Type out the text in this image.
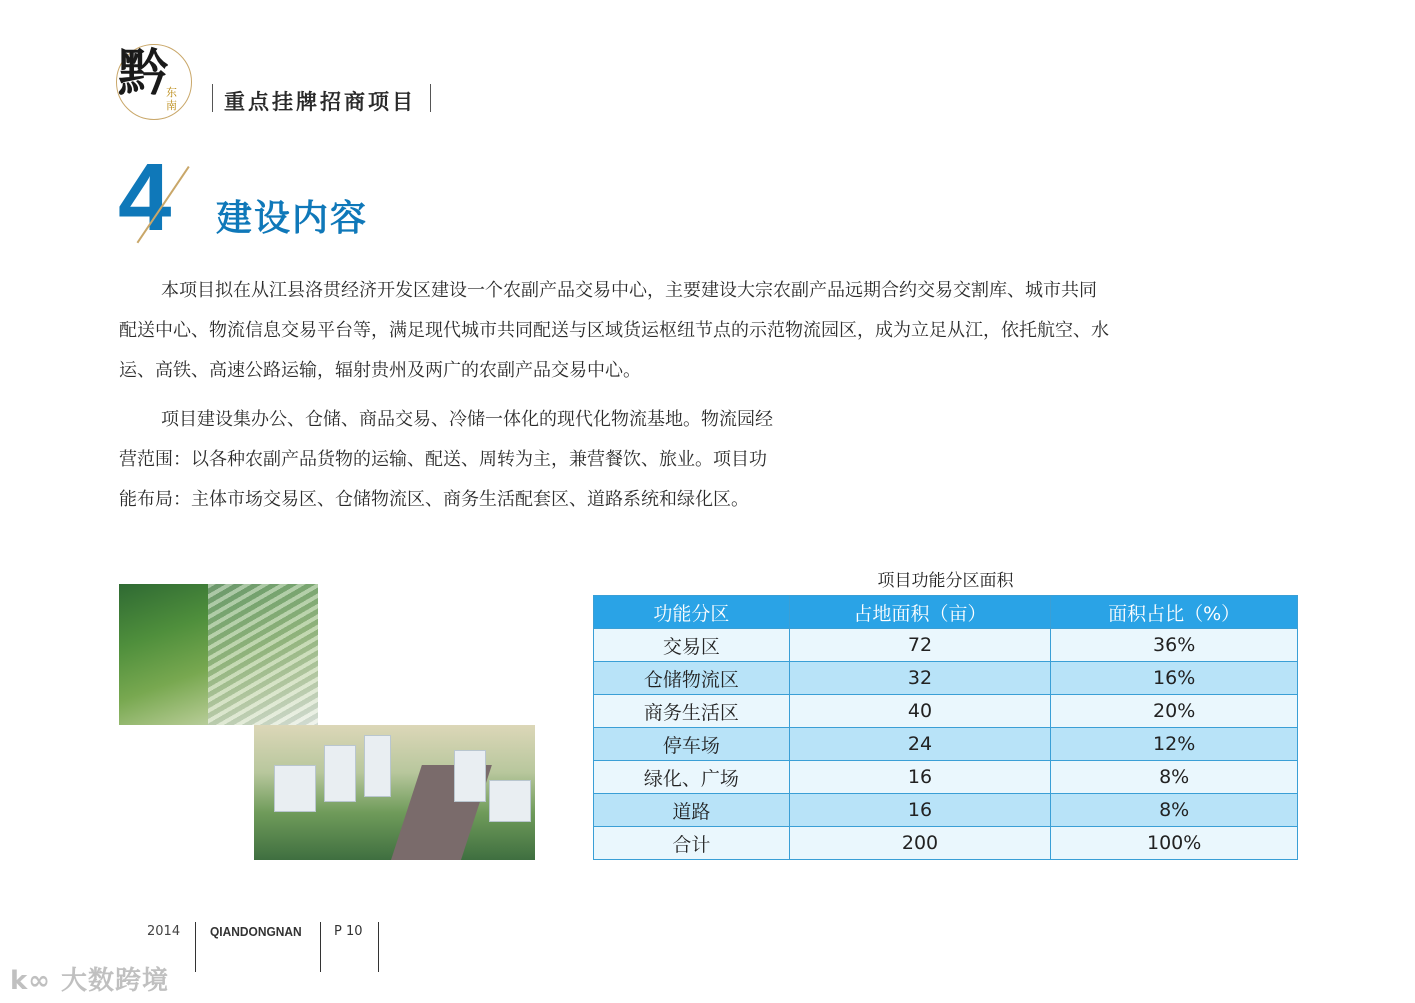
黔
东南 重点挂牌招商项目
4 建设内容
本项目拟在从江县洛贯经济开发区建设一个农副产品交易中心，主要建设大宗农副产品远期合约交易交割库、城市共同配送中心、物流信息交易平台等，满足现代城市共同配送与区域货运枢纽节点的示范物流园区，成为立足从江，依托航空、水运、高铁、高速公路运输，辐射贵州及两广的农副产品交易中心。
项目建设集办公、仓储、商品交易、冷储一体化的现代化物流基地。物流园经
营范围：以各种农副产品货物的运输、配送、周转为主，兼营餐饮、旅业。项目功
能布局：主体市场交易区、仓储物流区、商务生活配套区、道路系统和绿化区。
项目功能分区面积
功能分区	占地面积（亩）	面积占比（%）
交易区	72	36%
仓储物流区	32	16%
商务生活区	40	20%
停车场	24	12%
绿化、广场	16	8%
道路	16	8%
合计	200	100%
2014 QIANDONGNAN P 10
k∞ 大数跨境
